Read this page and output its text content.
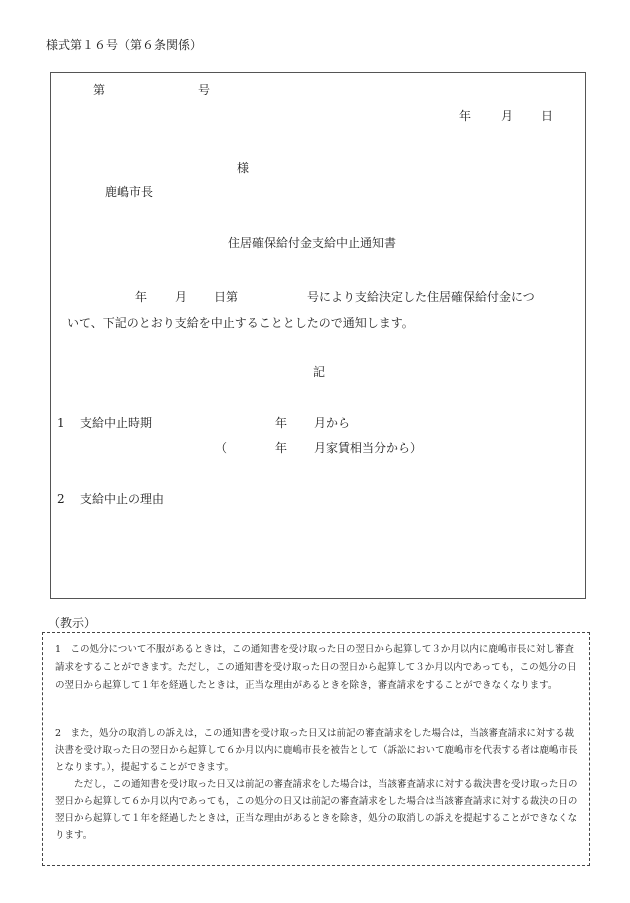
様式第１６号（第６条関係）
第	号
年 月 日
様
鹿嶋市長
住居確保給付金支給中止通知書
年 月 日第	号により支給決定した住居確保給付金につ
いて、下記のとおり支給を中止することとしたので通知します。
記
1 支給中止時期	年 月から
（	年 月家賃相当分から）
2 支給中止の理由
（教示）
1　この処分について不服があるときは，この通知書を受け取った日の翌日から起算して３か月以内に鹿嶋市長に対し審査請求をすることができます。ただし，この通知書を受け取った日の翌日から起算して３か月以内であっても，この処分の日の翌日から起算して１年を経過したときは，正当な理由があるときを除き，審査請求をすることができなくなります。
2　また，処分の取消しの訴えは，この通知書を受け取った日又は前記の審査請求をした場合は，当該審査請求に対する裁決書を受け取った日の翌日から起算して６か月以内に鹿嶋市長を被告として（訴訟において鹿嶋市を代表する者は鹿嶋市長となります。），提起することができます。
ただし，この通知書を受け取った日又は前記の審査請求をした場合は，当該審査請求に対する裁決書を受け取った日の翌日から起算して６か月以内であっても，この処分の日又は前記の審査請求をした場合は当該審査請求に対する裁決の日の翌日から起算して１年を経過したときは，正当な理由があるときを除き，処分の取消しの訴えを提起することができなくなります。
